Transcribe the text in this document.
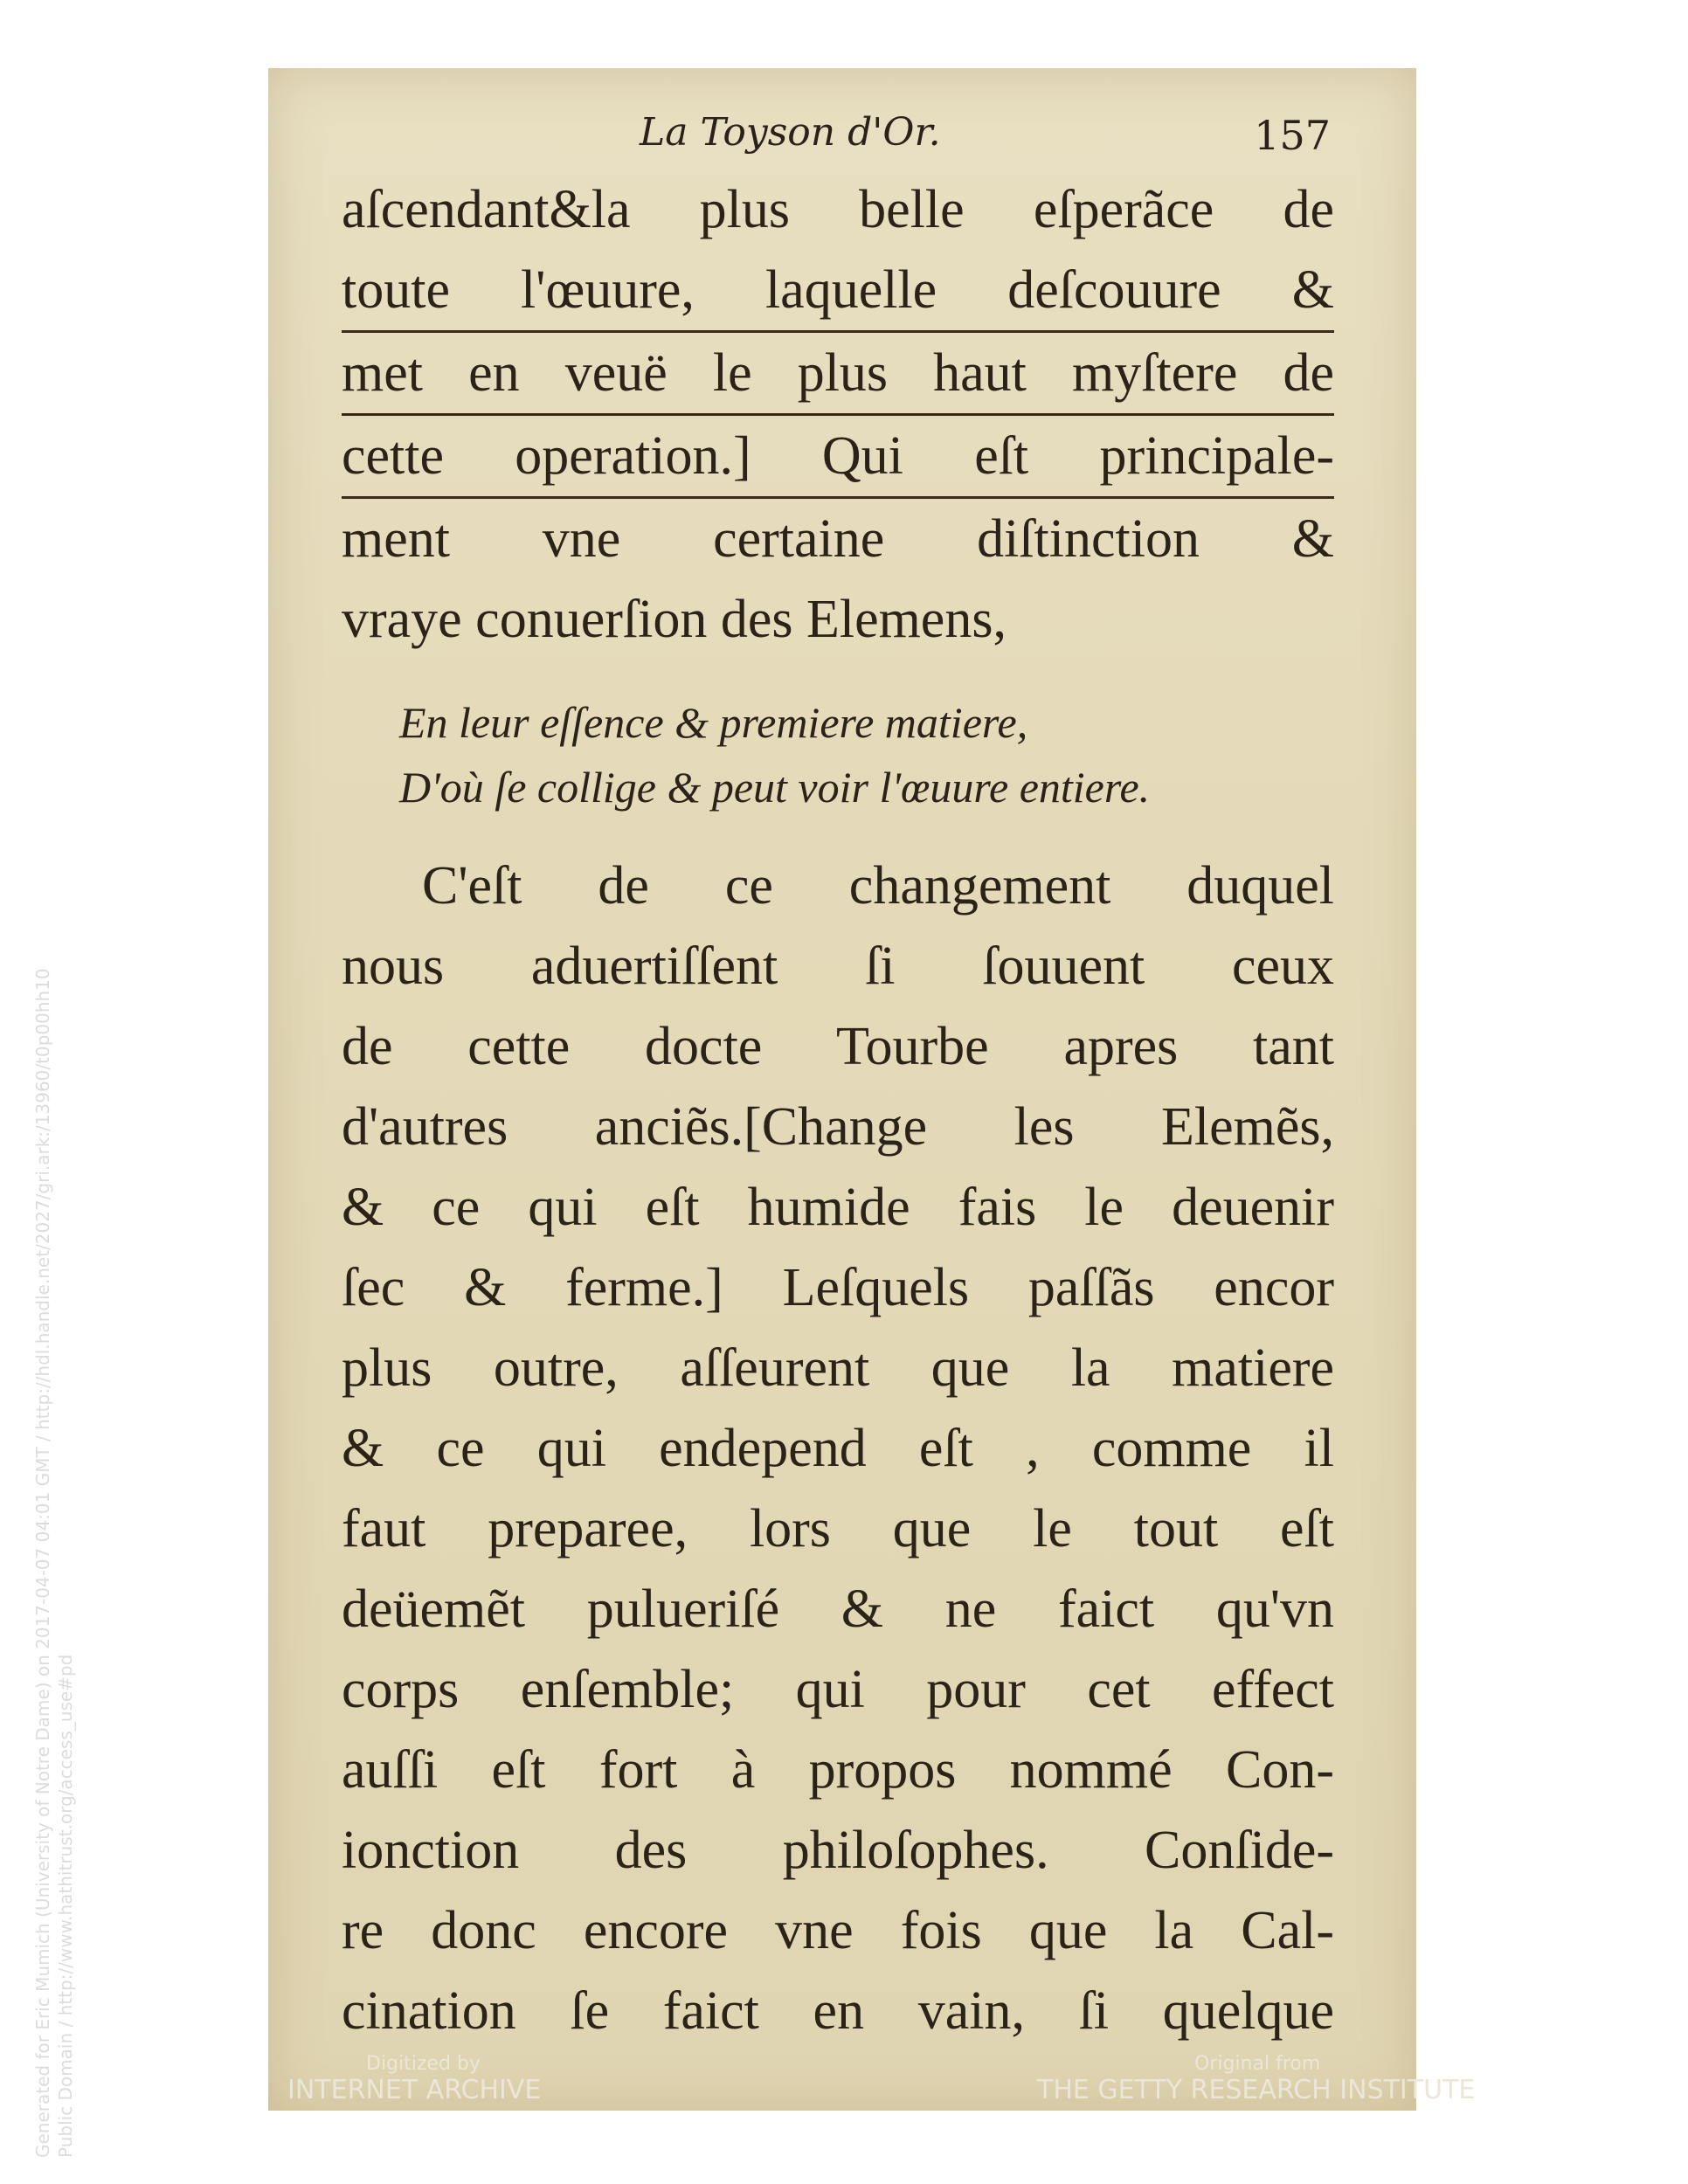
Generated for Eric Mumich (University of Notre Dame) on 2017-04-07 04:01 GMT / http://hdl.handle.net/2027/gri.ark:/13960/t0p00hh10 Public Domain / http://www.hathitrust.org/access_use#pd
La Toyson d'Or.	157
aſcendant&la plus belle eſperãce de
toute l'œuure, laquelle deſcouure &
met en veuë le plus haut myſtere de
cette operation.] Qui eſt principale-
ment vne certaine diſtinction &
vraye conuerſion des Elemens,
En leur eſſence & premiere matiere,
D'où ſe collige & peut voir l'œuure entiere.
C'eſt de ce changement duquel
nous aduertiſſent ſi ſouuent ceux
de cette docte Tourbe apres tant
d'autres anciẽs.[Change les Elemẽs,
& ce qui eſt humide fais le deuenir
ſec & ferme.] Leſquels paſſãs encor
plus outre, aſſeurent que la matiere
& ce qui endepend eſt , comme il
faut preparee, lors que le tout eſt
deüemẽt pulueriſé & ne faict qu'vn
corps enſemble; qui pour cet effect
auſſi eſt fort à propos nommé Con-
ionction des philoſophes. Conſide-
re donc encore vne fois que la Cal-
cination ſe faict en vain, ſi quelque
Digitized by
INTERNET ARCHIVE
Original from
THE GETTY RESEARCH INSTITUTE
